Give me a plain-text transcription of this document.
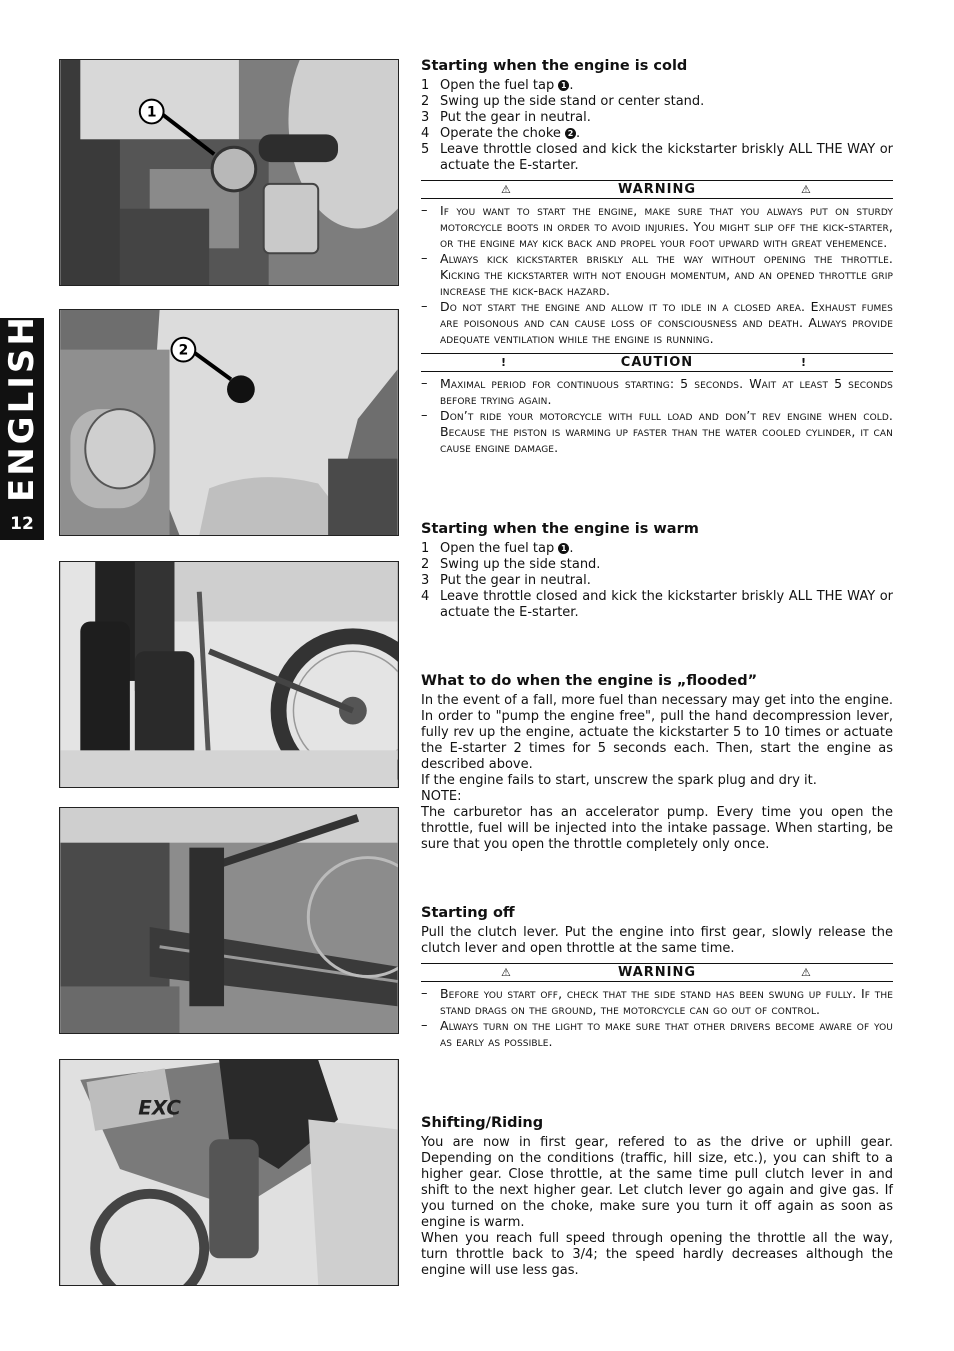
ENGLISH
12
1
2
EXC
Starting when the engine is cold
1 Open the fuel tap 1 .
2 Swing up the side stand or center stand.
3 Put the gear in neutral.
4 Operate the choke 2 .
5 Leave throttle closed and kick the kickstarter briskly ALL THE WAY or actuate the E-starter.
⚠	WARNING	⚠
–	If you want to start the engine, make sure that you always put on sturdy motorcycle boots in order to avoid injuries. You might slip off the kick-starter, or the engine may kick back and propel your foot upward with great vehemence.
–	Always kick kickstarter briskly all the way without opening the throttle. Kicking the kickstarter with not enough momentum, and an opened throttle grip increase the kick-back hazard.
–	Do not start the engine and allow it to idle in a closed area. Exhaust fumes are poisonous and can cause loss of consciousness and death. Always provide adequate ventilation while the engine is running.
!	CAUTION	!
–	Maximal period for continuous starting: 5 seconds. Wait at least 5 seconds before trying again.
–	Don’t ride your motorcycle with full load and don’t rev engine when cold. Because the piston is warming up faster than the water cooled cylinder, it can cause engine damage.
Starting when the engine is warm
1 Open the fuel tap 1 .
2 Swing up the side stand.
3 Put the gear in neutral.
4 Leave throttle closed and kick the kickstarter briskly ALL THE WAY or actuate the E-starter.
What to do when the engine is „flooded”

In the event of a fall, more fuel than necessary may get into the engine. In order to "pump the engine free", pull the hand decompression lever, fully rev up the engine, actuate the kickstarter 5 to 10 times or actuate the E-starter 2 times for 5 seconds each. Then, start the engine as described above.

If the engine fails to start, unscrew the spark plug and dry it.

NOTE:

The carburetor has an accelerator pump. Every time you open the throttle, fuel will be injected into the intake passage. When starting, be sure that you open the throttle completely only once.

Starting off

Pull the clutch lever. Put the engine into first gear, slowly release the clutch lever and open throttle at the same time.

⚠	WARNING	⚠
–	Before you start off, check that the side stand has been swung up fully. If the stand drags on the ground, the motorcycle can go out of control.
–	Always turn on the light to make sure that other drivers become aware of you as early as possible.
Shifting/Riding

You are now in first gear, refered to as the drive or uphill gear. Depending on the conditions (traffic, hill size, etc.), you can shift to a higher gear. Close throttle, at the same time pull clutch lever in and shift to the next higher gear. Let clutch lever go again and give gas. If you turned on the choke, make sure you turn it off again as soon as engine is warm.

When you reach full speed through opening the throttle all the way, turn throttle back to 3/4; the speed hardly decreases although the engine will use less gas.
